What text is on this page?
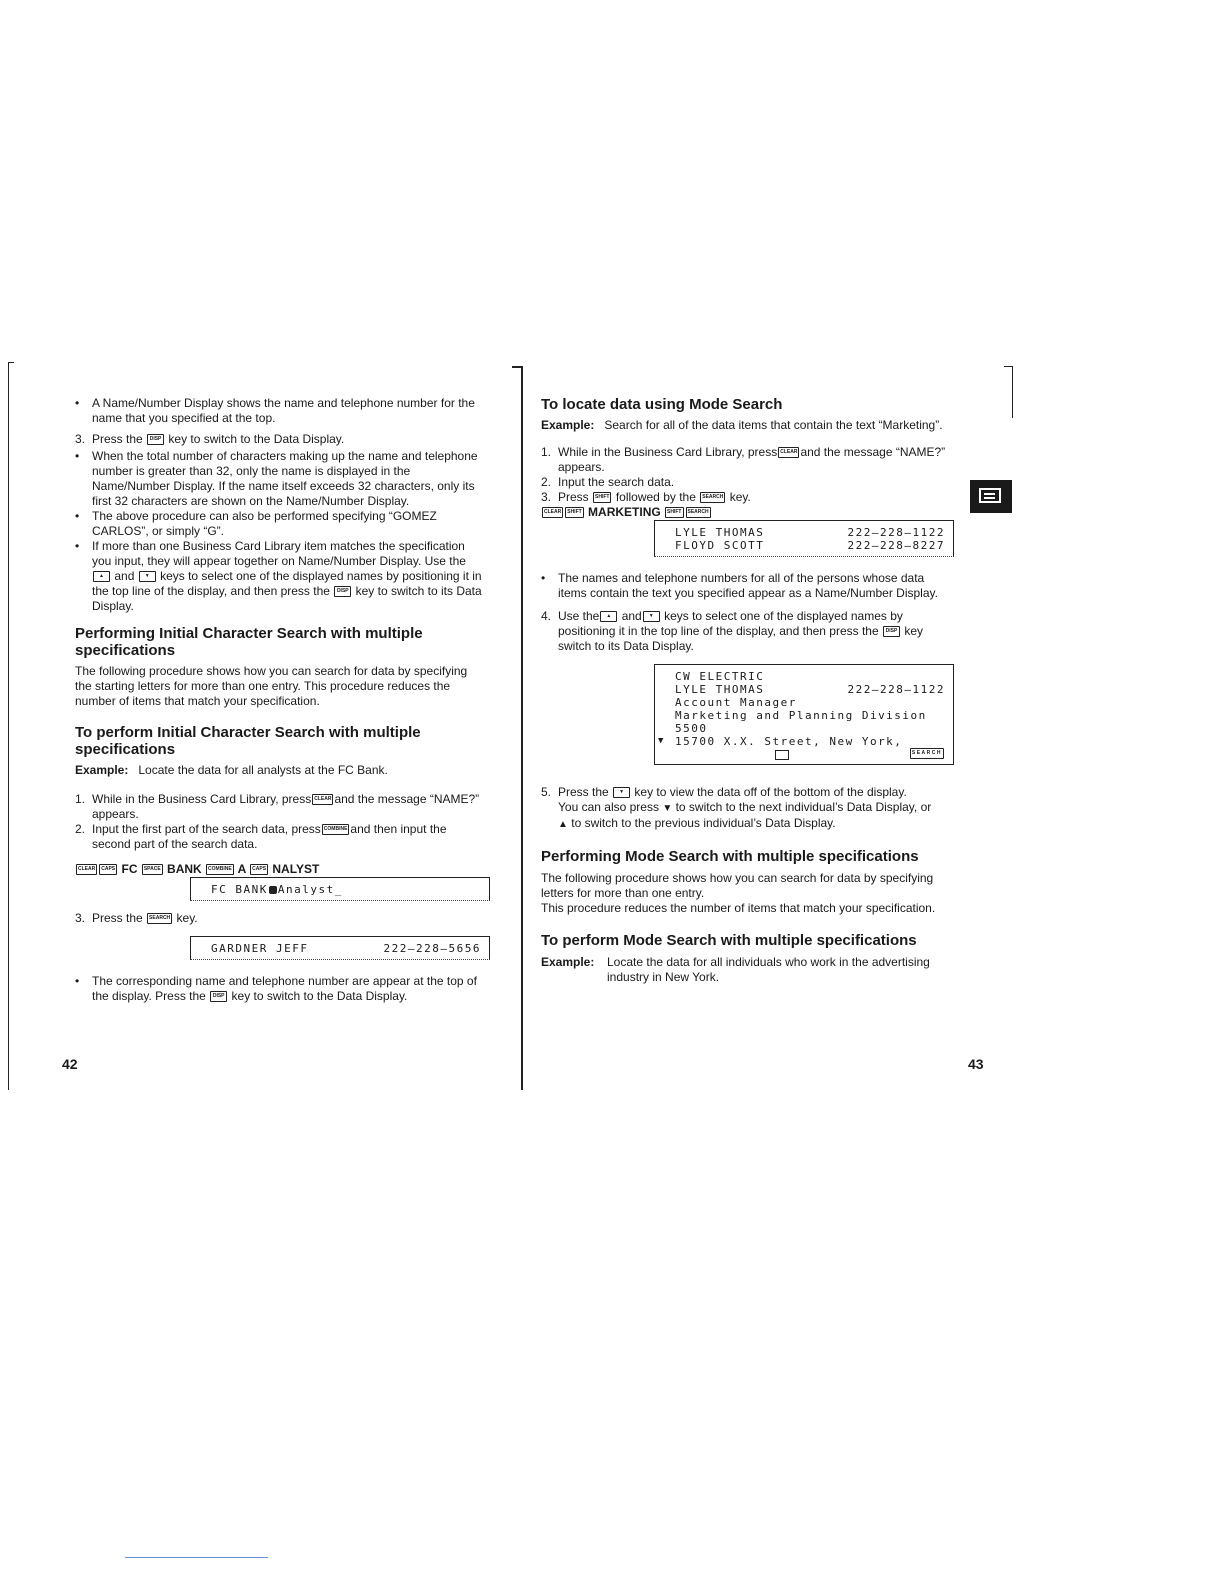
• A Name/Number Display shows the name and telephone number for the name that you specified at the top.
3. Press the DISP key to switch to the Data Display.
• When the total number of characters making up the name and telephone number is greater than 32, only the name is displayed in the Name/Number Display. If the name itself exceeds 32 characters, only its first 32 characters are shown on the Name/Number Display.
• The above procedure can also be performed specifying “GOMEZ CARLOS”, or simply “G”.
• If more than one Business Card Library item matches the specification you input, they will appear together on Name/Number Display. Use the ▲ and ▼ keys to select one of the displayed names by positioning it in the top line of the display, and then press the DISP key to switch to its Data Display.
Performing Initial Character Search with multiple specifications

The following procedure shows how you can search for data by specifying the starting letters for more than one entry. This procedure reduces the number of items that match your specification.

To perform Initial Character Search with multiple specifications
Example: Locate the data for all analysts at the FC Bank.
1. While in the Business Card Library, press CLEAR and the message “NAME?” appears.
2. Input the first part of the search data, press COMBINE and then input the second part of the search data.
CLEAR CAPS FC SPACE BANK COMBINE A CAPS NALYST
FC BANK Analyst_
3. Press the SEARCH key.
GARDNER JEFF	222–228–5656
• The corresponding name and telephone number are appear at the top of the display. Press the DISP key to switch to the Data Display.
42
To locate data using Mode Search
Example: Search for all of the data items that contain the text “Marketing”.
1. While in the Business Card Library, press CLEAR and the message “NAME?” appears.
2. Input the search data.
3. Press SHIFT followed by the SEARCH key.
CLEAR SHIFT MARKETING SHIFT SEARCH
LYLE THOMAS	222–228–1122
FLOYD SCOTT	222–228–8227
• The names and telephone numbers for all of the persons whose data items contain the text you specified appear as a Name/Number Display.
4. Use the ▲ and ▼ keys to select one of the displayed names by positioning it in the top line of the display, and then press the DISP key switch to its Data Display.
CW ELECTRIC
LYLE THOMAS	222–228–1122
Account Manager
Marketing and Planning Division
5500
▼ 15700 X.X. Street, New York,
SEARCH
5. Press the ▼ key to view the data off of the bottom of the display.
You can also press ▼ to switch to the next individual’s Data Display, or
▲ to switch to the previous individual’s Data Display.
Performing Mode Search with multiple specifications

The following procedure shows how you can search for data by specifying letters for more than one entry.

This procedure reduces the number of items that match your specification.

To perform Mode Search with multiple specifications
Example:	Locate the data for all individuals who work in the advertising industry in New York.
43
